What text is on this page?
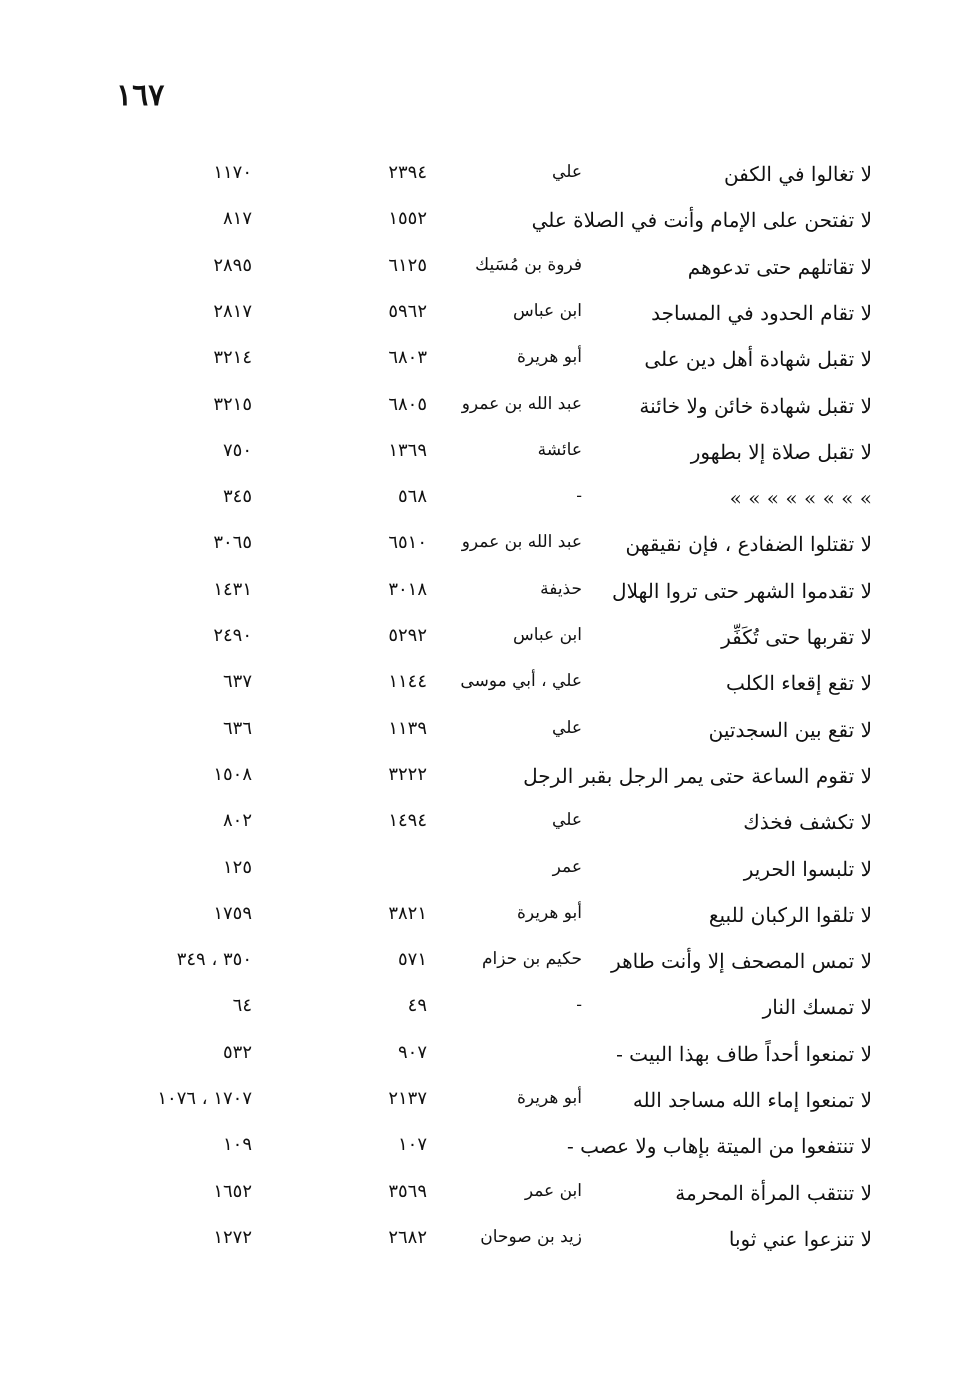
١٦٧
لا تغالوا في الكفن
علي
٢٣٩٤
١١٧٠
لا تفتحن على الإمام وأنت في الصلاة علي
١٥٥٢
٨١٧
لا تقاتلهم حتى تدعوهم
فروة بن مُسَيك
٦١٢٥
٢٨٩٥
لا تقام الحدود في المساجد
ابن عباس
٥٩٦٢
٢٨١٧
لا تقبل شهادة أهل دين على
أبو هريرة
٦٨٠٣
٣٢١٤
لا تقبل شهادة خائن ولا خائنة
عبد الله بن عمرو
٦٨٠٥
٣٢١٥
لا تقبل صلاة إلا بطهور
عائشة
١٣٦٩
٧٥٠
» » » » » » » »
-
٥٦٨
٣٤٥
لا تقتلوا الضفادع ، فإن نقيقهن
عبد الله بن عمرو
٦٥١٠
٣٠٦٥
لا تقدموا الشهر حتى تروا الهلال
حذيفة
٣٠١٨
١٤٣١
لا تقربها حتى تُكَفِّر
ابن عباس
٥٢٩٢
٢٤٩٠
لا تقع إقعاء الكلب
علي ، أبي موسى
١١٤٤
٦٣٧
لا تقع بين السجدتين
علي
١١٣٩
٦٣٦
لا تقوم الساعة حتى يمر الرجل بقبر الرجل
٣٢٢٢
١٥٠٨
لا تكشف فخذك
علي
١٤٩٤
٨٠٢
لا تلبسوا الحرير
عمر
١٢٥
لا تلقوا الركبان للبيع
أبو هريرة
٣٨٢١
١٧٥٩
لا تمس المصحف إلا وأنت طاهر
حكيم بن حزام
٥٧١
٣٥٠ ، ٣٤٩
لا تمسك النار
-
٤٩
٦٤
لا تمنعوا أحداً طاف بهذا البيت -
٩٠٧
٥٣٢
لا تمنعوا إماء الله مساجد الله
أبو هريرة
٢١٣٧
١٧٠٧ ، ١٠٧٦
لا تنتفعوا من الميتة بإهاب ولا عصب -
١٠٧
١٠٩
لا تنتقب المرأة المحرمة
ابن عمر
٣٥٦٩
١٦٥٢
لا تنزعوا عني ثوبا
زيد بن صوحان
٢٦٨٢
١٢٧٢
